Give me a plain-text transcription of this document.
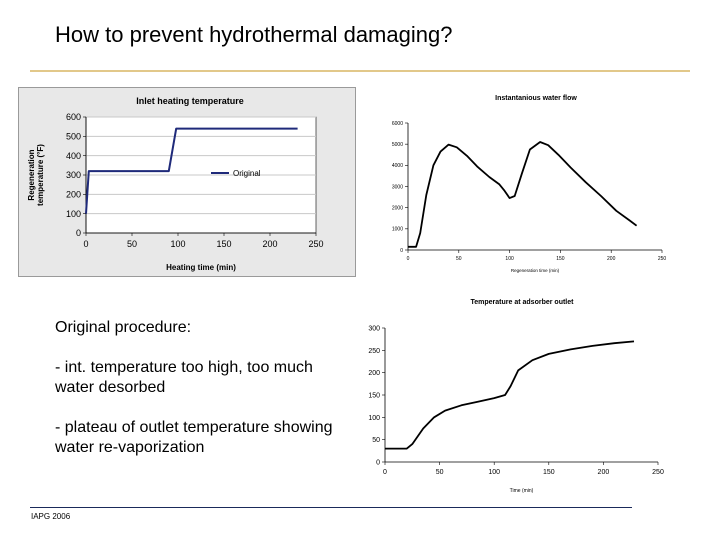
How to prevent hydrothermal damaging?
0
100
200
300
400
500
600
0	50	100	150	200	250
Inlet heating temperature
Heating time (min)
Regeneration temperature (°F)	Original
0
1000
2000
3000
4000
5000
6000
0	50	100	150	200	250
Instantanious water flow
Regeneration time (min)
0
50
100
150
200
250
300
0	50	100	150	200	250
Temperature at adsorber outlet
Time (min)
Original procedure:
- int. temperature too high, too much water desorbed
- plateau of outlet temperature showing water re-vaporization
IAPG 2006
